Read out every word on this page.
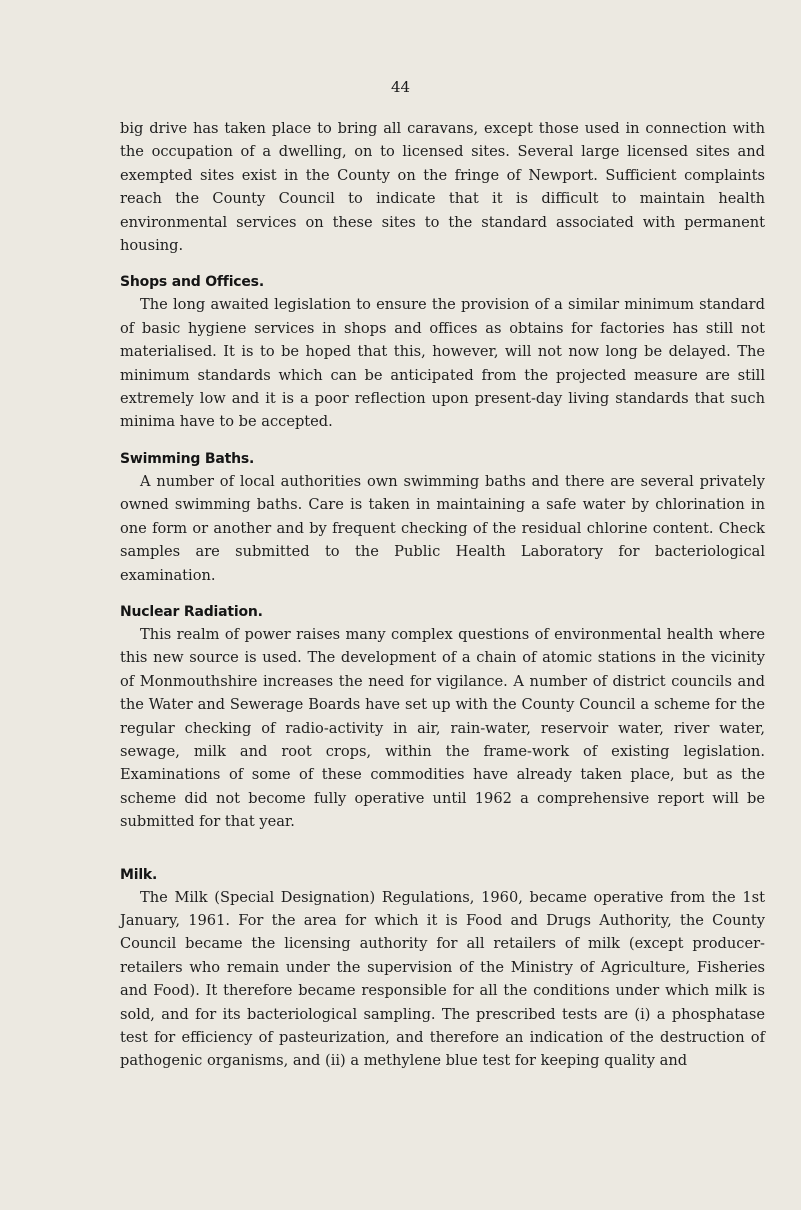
44

big drive has taken place to bring all caravans, except those used in connection with the occupation of a dwelling, on to licensed sites. Several large licensed sites and exempted sites exist in the County on the fringe of Newport. Sufficient complaints reach the County Council to indicate that it is difficult to maintain health environmental services on these sites to the standard associated with permanent housing.

Shops and Offices.

The long awaited legislation to ensure the provision of a similar minimum standard of basic hygiene services in shops and offices as obtains for factories has still not materialised. It is to be hoped that this, however, will not now long be delayed. The minimum standards which can be anticipated from the projected measure are still extremely low and it is a poor reflection upon present-day living standards that such minima have to be accepted.

Swimming Baths.

A number of local authorities own swimming baths and there are several privately owned swimming baths. Care is taken in maintaining a safe water by chlorination in one form or another and by frequent checking of the residual chlorine content. Check samples are submitted to the Public Health Laboratory for bacteriological examination.

Nuclear Radiation.

This realm of power raises many complex questions of environmental health where this new source is used. The development of a chain of atomic stations in the vicinity of Monmouthshire increases the need for vigilance. A number of district councils and the Water and Sewerage Boards have set up with the County Council a scheme for the regular checking of radio-activity in air, rain-water, reservoir water, river water, sewage, milk and root crops, within the frame-work of existing legislation. Examinations of some of these commodities have already taken place, but as the scheme did not become fully operative until 1962 a comprehensive report will be submitted for that year.

Milk.

The Milk (Special Designation) Regulations, 1960, became operative from the 1st January, 1961. For the area for which it is Food and Drugs Authority, the County Council became the licensing authority for all retailers of milk (except producer-retailers who remain under the supervision of the Ministry of Agriculture, Fisheries and Food). It therefore became responsible for all the conditions under which milk is sold, and for its bacteriological sampling. The prescribed tests are (i) a phosphatase test for efficiency of pasteurization, and therefore an indication of the destruction of pathogenic organisms, and (ii) a methylene blue test for keeping quality and
